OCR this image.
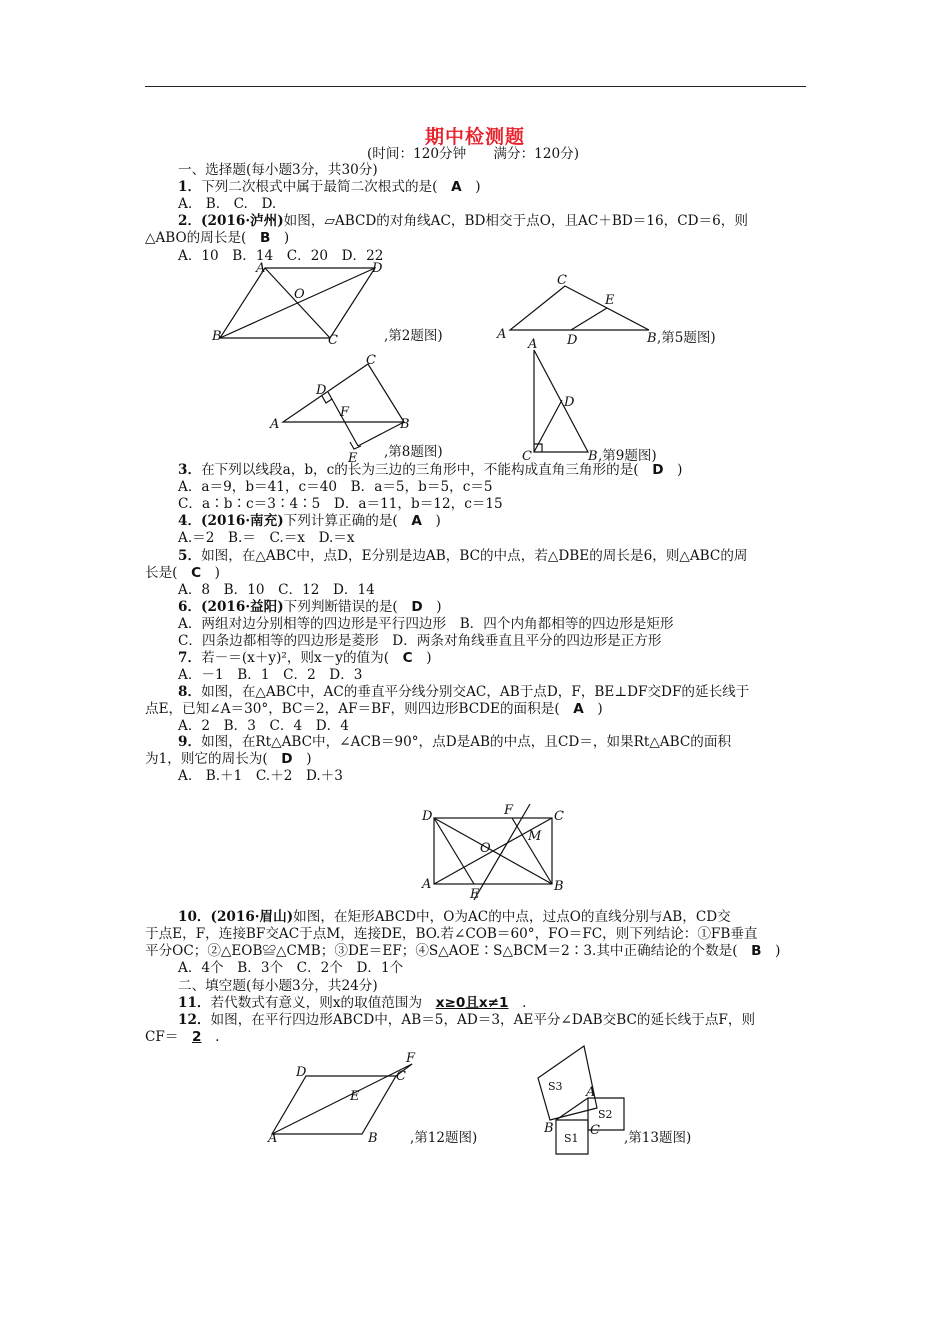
期中检测题
(时间：120分钟　　满分：120分)
一、选择题(每小题3分，共30分)
1．下列二次根式中属于最简二次根式的是(　 A　 )
A.　B.　C.　D.
2．(2016·泸州)如图，▱ABCD的对角线AC，BD相交于点O，且AC＋BD＝16，CD＝6，则
△ABO的周长是(　 B　 )
A．10　B．14　C．20　D．22
3．在下列以线段a，b，c的长为三边的三角形中，不能构成直角三角形的是(　 D　 )
A．a＝9，b＝41，c＝40　B．a＝5，b＝5，c＝5
C．a∶b∶c＝3∶4∶5　D．a＝11，b＝12，c＝15
4．(2016·南充)下列计算正确的是(　 A　 )
A.＝2　B.＝　C.＝x　D.＝x
5．如图，在△ABC中，点D，E分别是边AB，BC的中点，若△DBE的周长是6，则△ABC的周
长是(　 C　 )
A．8　B．10　C．12　D．14
6．(2016·益阳)下列判断错误的是(　 D　 )
A．两组对边分别相等的四边形是平行四边形　B．四个内角都相等的四边形是矩形
C．四条边都相等的四边形是菱形　D．两条对角线垂直且平分的四边形是正方形
7．若－＝(x＋y)²，则x－y的值为(　 C　 )
A．－1　B．1　C．2　D．3
8．如图，在△ABC中，AC的垂直平分线分别交AC，AB于点D，F，BE⊥DF交DF的延长线于
点E，已知∠A＝30°，BC＝2，AF＝BF，则四边形BCDE的面积是(　 A　 )
A．2　B．3　C．4　D．4
9．如图，在Rt△ABC中，∠ACB＝90°，点D是AB的中点，且CD＝，如果Rt△ABC的面积
为1，则它的周长为(　 D　 )
A.　B.＋1　C.＋2　D.＋3
10．(2016·眉山)如图，在矩形ABCD中，O为AC的中点，过点O的直线分别与AB，CD交
于点E，F，连接BF交AC于点M，连接DE，BO.若∠COB＝60°，FO＝FC，则下列结论：①FB垂直
平分OC；②△EOB≌△CMB；③DE＝EF；④S△AOE∶S△BCM＝2∶3.其中正确结论的个数是(　 B　 )
A．4个　B．3个　C．2个　D．1个
二、填空题(每小题3分，共24分)
11．若代数式有意义，则x的取值范围为　 x≥0且x≠1　 .
12．如图，在平行四边形ABCD中，AB＝5，AD＝3，AE平分∠DAB交BC的延长线于点F，则
CF＝　 2　 .
A	D
O
B	C	,第2题图)
C
E
A	D	B ,第5题图)
C
D
F
A	B
E ,第8题图)
A
D
C	B ,第9题图)
D	F	C
M
O
A
E
B
F
D	C
E
A	B ,第12题图)
A
S3
S2
B	C
S1	,第13题图)
